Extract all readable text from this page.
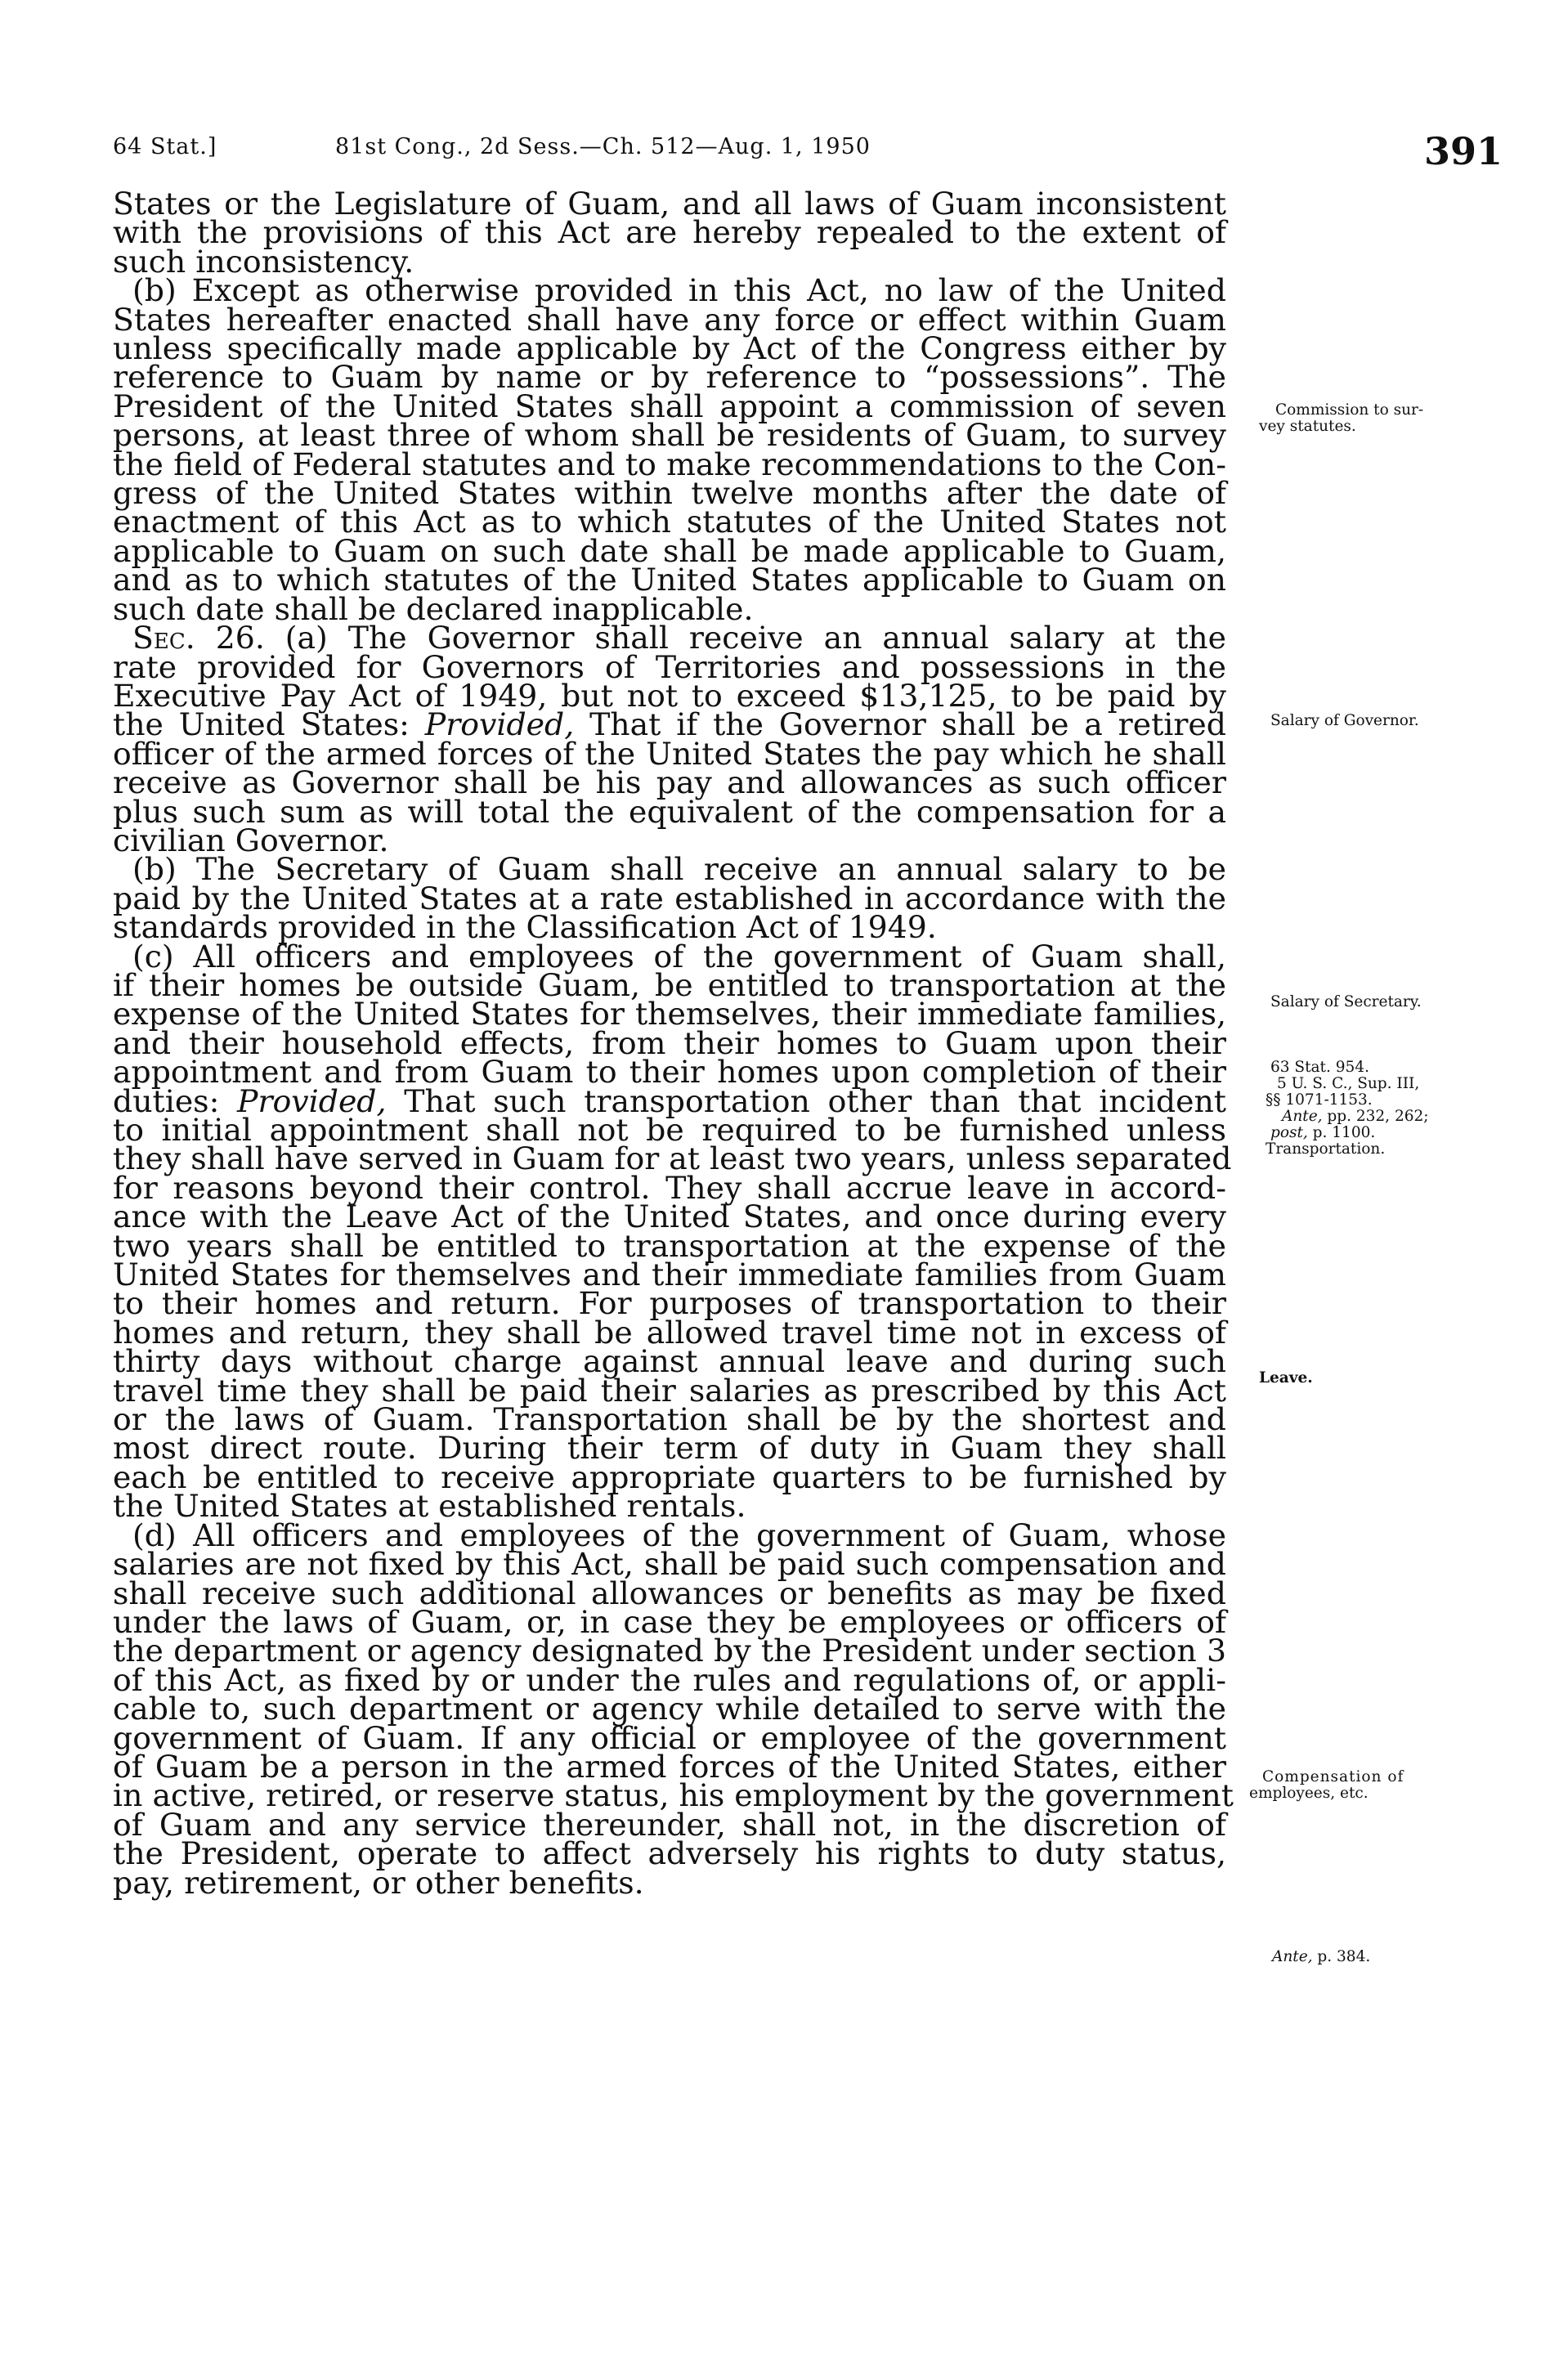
64 Stat.]	81st Cong., 2d Sess.—Ch. 512—Aug. 1, 1950	391
States or the Legislature of Guam, and all laws of Guam inconsistent
with the provisions of this Act are hereby repealed to the extent of
such inconsistency.
(b) Except as otherwise provided in this Act, no law of the United
States hereafter enacted shall have any force or effect within Guam
unless specifically made applicable by Act of the Congress either by
reference to Guam by name or by reference to “possessions”. The
President of the United States shall appoint a commission of seven
persons, at least three of whom shall be residents of Guam, to survey
the field of Federal statutes and to make recommendations to the Con-
gress of the United States within twelve months after the date of
enactment of this Act as to which statutes of the United States not
applicable to Guam on such date shall be made applicable to Guam,
and as to which statutes of the United States applicable to Guam on
such date shall be declared inapplicable.
Sec. 26. (a) The Governor shall receive an annual salary at the
rate provided for Governors of Territories and possessions in the
Executive Pay Act of 1949, but not to exceed $13,125, to be paid by
the United States: Provided, That if the Governor shall be a retired
officer of the armed forces of the United States the pay which he shall
receive as Governor shall be his pay and allowances as such officer
plus such sum as will total the equivalent of the compensation for a
civilian Governor.
(b) The Secretary of Guam shall receive an annual salary to be
paid by the United States at a rate established in accordance with the
standards provided in the Classification Act of 1949.
(c) All officers and employees of the government of Guam shall,
if their homes be outside Guam, be entitled to transportation at the
expense of the United States for themselves, their immediate families,
and their household effects, from their homes to Guam upon their
appointment and from Guam to their homes upon completion of their
duties: Provided, That such transportation other than that incident
to initial appointment shall not be required to be furnished unless
they shall have served in Guam for at least two years, unless separated
for reasons beyond their control. They shall accrue leave in accord-
ance with the Leave Act of the United States, and once during every
two years shall be entitled to transportation at the expense of the
United States for themselves and their immediate families from Guam
to their homes and return. For purposes of transportation to their
homes and return, they shall be allowed travel time not in excess of
thirty days without charge against annual leave and during such
travel time they shall be paid their salaries as prescribed by this Act
or the laws of Guam. Transportation shall be by the shortest and
most direct route. During their term of duty in Guam they shall
each be entitled to receive appropriate quarters to be furnished by
the United States at established rentals.
(d) All officers and employees of the government of Guam, whose
salaries are not fixed by this Act, shall be paid such compensation and
shall receive such additional allowances or benefits as may be fixed
under the laws of Guam, or, in case they be employees or officers of
the department or agency designated by the President under section 3
of this Act, as fixed by or under the rules and regulations of, or appli-
cable to, such department or agency while detailed to serve with the
government of Guam. If any official or employee of the government
of Guam be a person in the armed forces of the United States, either
in active, retired, or reserve status, his employment by the government
of Guam and any service thereunder, shall not, in the discretion of
the President, operate to affect adversely his rights to duty status,
pay, retirement, or other benefits.
Commission to sur-
vey statutes.
Salary of Governor.
Salary of Secretary.
63 Stat. 954.
5 U. S. C., Sup. III,
§§ 1071-1153.
Ante, pp. 232, 262;
post, p. 1100.
Transportation.
Leave.
Compensation of
employees, etc.
Ante, p. 384.
